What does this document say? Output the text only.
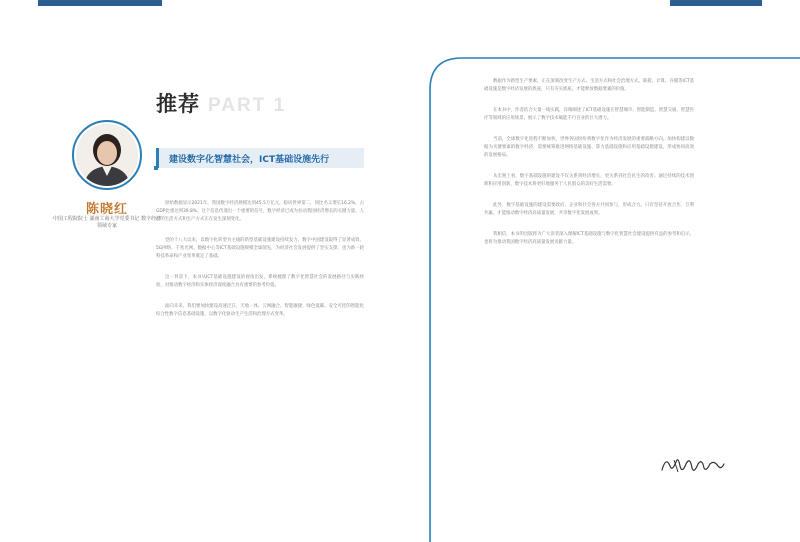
推荐 PART 1
陈晓红
中国工程院院士 湖南工商大学党委书记 数字经济领域专家
建设数字化智慧社会，ICT基础设施先行

原始数据显示2021年，我国数字经济规模达到45.5万亿元，稳居世界第二，同比名义增长16.2%，占GDP比重达到39.8%。这个信息传递出一个重要的信号，数字经济已成为拉动我国经济增长的关键力量。人们的生活方式和生产方式正在发生深刻变化。

党的十八大以来，以数字化转型为主线的新型基础设施建设持续发力，数字中国建设取得了显著成效。5G网络、千兆光网、数据中心等ICT基础设施规模全球领先，为经济社会发展提供了坚实支撑，也为新一轮科技革命和产业变革奠定了基础。

这一背景下，本书从ICT基础设施建设的视角出发，系统梳理了数字化智慧社会的发展路径与实践经验，对推动数字经济和实体经济深度融合具有重要的参考价值。

面向未来，我们要加快建设高速泛在、天地一体、云网融合、智能敏捷、绿色低碳、安全可控的智能化综合性数字信息基础设施，以数字化驱动生产生活和治理方式变革。

数据作为新型生产要素，正在深刻改变生产方式、生活方式和社会治理方式。联接、计算、存储等ICT基础设施是数字经济发展的底座，只有夯实底座，才能释放数据要素的价值。

在本书中，作者结合大量一线实践，详细阐述了ICT基础设施在智慧城市、智能制造、智慧交通、智慧医疗等领域的应用场景，展示了数字技术赋能千行百业的巨大潜力。

当前，全球数字化进程不断加快，世界各国纷纷将数字化作为经济发展的重要战略方向。加快构建以数据为关键要素的数字经济，需要统筹推进网络基础设施、算力基础设施和应用基础设施建设，形成协同高效的发展格局。

从宏观上看，数字基础设施的建设不仅关系到经济增长，更关系到社会民生的改善。通过持续的技术创新和应用创新，数字技术将更好地服务于人民群众的美好生活需要。

此外，数字基础设施的建设需要政府、企业和社会各方共同参与，形成合力。只有坚持开放合作、互利共赢，才能推动数字经济高质量发展，共享数字化发展成果。

我相信，本书的出版将为广大读者深入理解ICT基础设施与数字化智慧社会建设提供有益的参考和启示，也将为推动我国数字经济高质量发展贡献力量。
